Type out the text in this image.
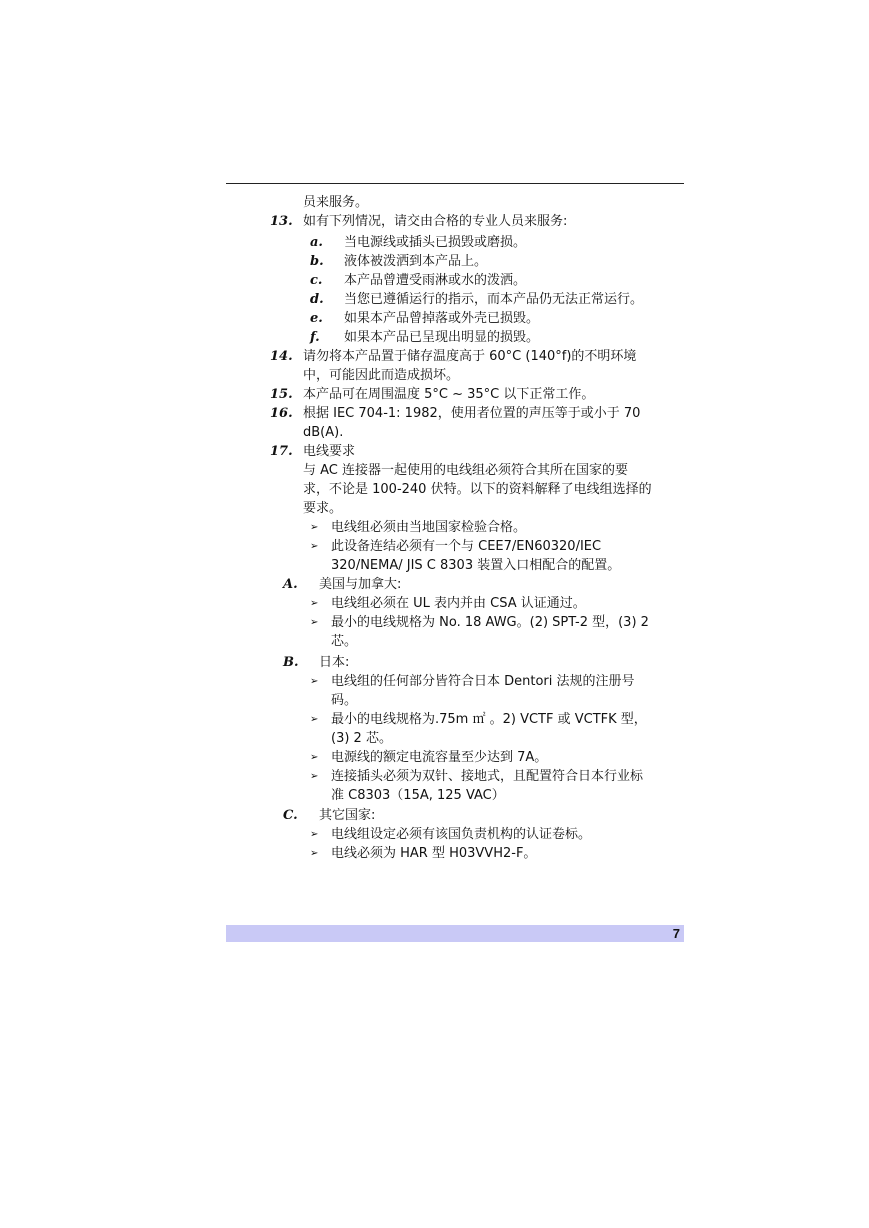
员来服务。
13. 如有下列情况，请交由合格的专业人员来服务:
a. 当电源线或插头已损毁或磨损。
b. 液体被泼洒到本产品上。
c. 本产品曾遭受雨淋或水的泼洒。
d. 当您已遵循运行的指示，而本产品仍无法正常运行。
e. 如果本产品曾掉落或外壳已损毁。
f. 如果本产品已呈现出明显的损毁。
14. 请勿将本产品置于储存温度高于 60°C (140°f)的不明环境
中，可能因此而造成损坏。
15. 本产品可在周围温度 5°C ~ 35°C 以下正常工作。
16. 根据 IEC 704-1: 1982，使用者位置的声压等于或小于 70
dB(A).
17. 电线要求
与 AC 连接器一起使用的电线组必须符合其所在国家的要
求，不论是 100-240 伏特。以下的资料解释了电线组选择的
要求。
➢ 电线组必须由当地国家检验合格。
➢ 此设备连结必须有一个与 CEE7/EN60320/IEC
320/NEMA/ JIS C 8303 装置入口相配合的配置。
A. 美国与加拿大:
➢ 电线组必须在 UL 表内并由 CSA 认证通过。
➢ 最小的电线规格为 No. 18 AWG。(2) SPT-2 型，(3) 2
芯。
B. 日本:
➢ 电线组的任何部分皆符合日本 Dentori 法规的注册号
码。
➢ 最小的电线规格为.75m ㎡ 。2) VCTF 或 VCTFK 型，
(3) 2 芯。
➢ 电源线的额定电流容量至少达到 7A。
➢ 连接插头必须为双针、接地式，且配置符合日本行业标
准 C8303（15A, 125 VAC）
C. 其它国家:
➢ 电线组设定必须有该国负责机构的认证卷标。
➢ 电线必须为 HAR 型 H03VVH2-F。
7
